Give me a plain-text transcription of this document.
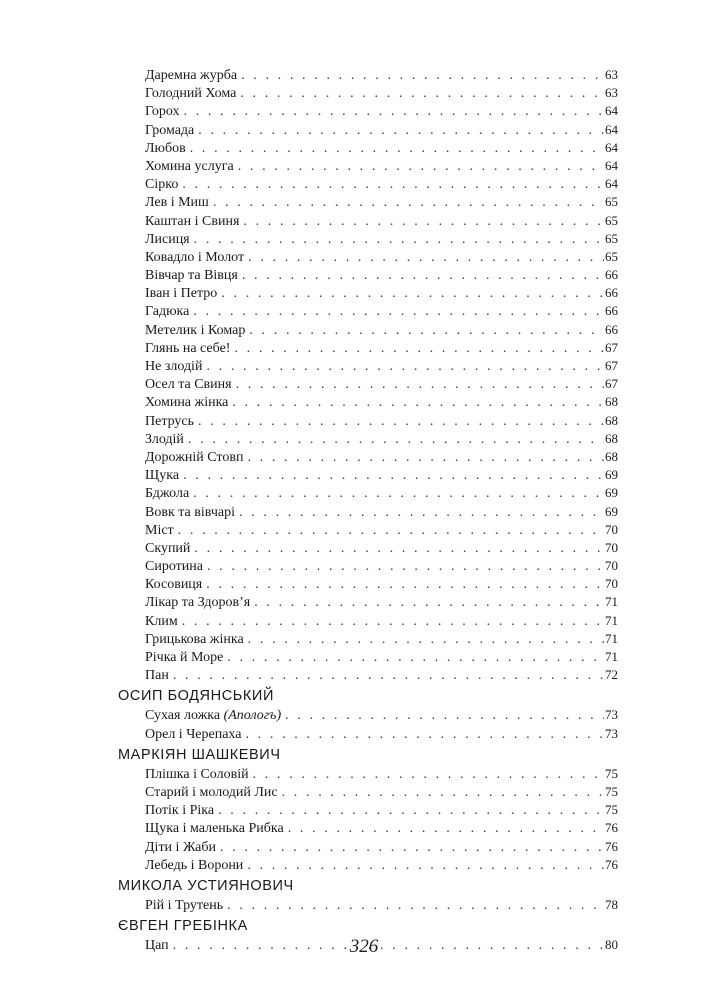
Даремна журба . . .	63
Голодний Хома . . .	63
Горох . . .	64
Громада . . .	64
Любов . . .	64
Хомина услуга . . .	64
Сірко . . .	64
Лев і Миш . . .	65
Каштан і Свиня . . .	65
Лисиця . . .	65
Ковадло і Молот . . .	65
Вівчар та Вівця . . .	66
Іван і Петро . . .	66
Гадюка . . .	66
Метелик і Комар . . .	66
Глянь на себе! . . .	67
Не злодій . . .	67
Осел та Свиня . . .	67
Хомина жінка . . .	68
Петрусь . . .	68
Злодій . . .	68
Дорожній Стовп . . .	68
Щука . . .	69
Бджола . . .	69
Вовк та вівчарі . . .	69
Міст . . .	70
Скупий . . .	70
Сиротина . . .	70
Косовиця . . .	70
Лікар та Здоров’я . . .	71
Клим . . .	71
Грицькова жінка . . .	71
Річка й Море . . .	71
Пан . . .	72
ОСИП БОДЯНСЬКИЙ
Сухая ложка (Апологъ) . . .	73
Орел і Черепаха . . .	73
МАРКІЯН ШАШКЕВИЧ
Плішка і Соловій . . .	75
Старий і молодий Лис . . .	75
Потік і Ріка . . .	75
Щука і маленька Рибка . . .	76
Діти і Жаби . . .	76
Лебедь і Ворони . . .	76
МИКОЛА УСТИЯНОВИЧ
Рій і Трутень . . .	78
ЄВГЕН ГРЕБІНКА
Цап . . .	80
326
